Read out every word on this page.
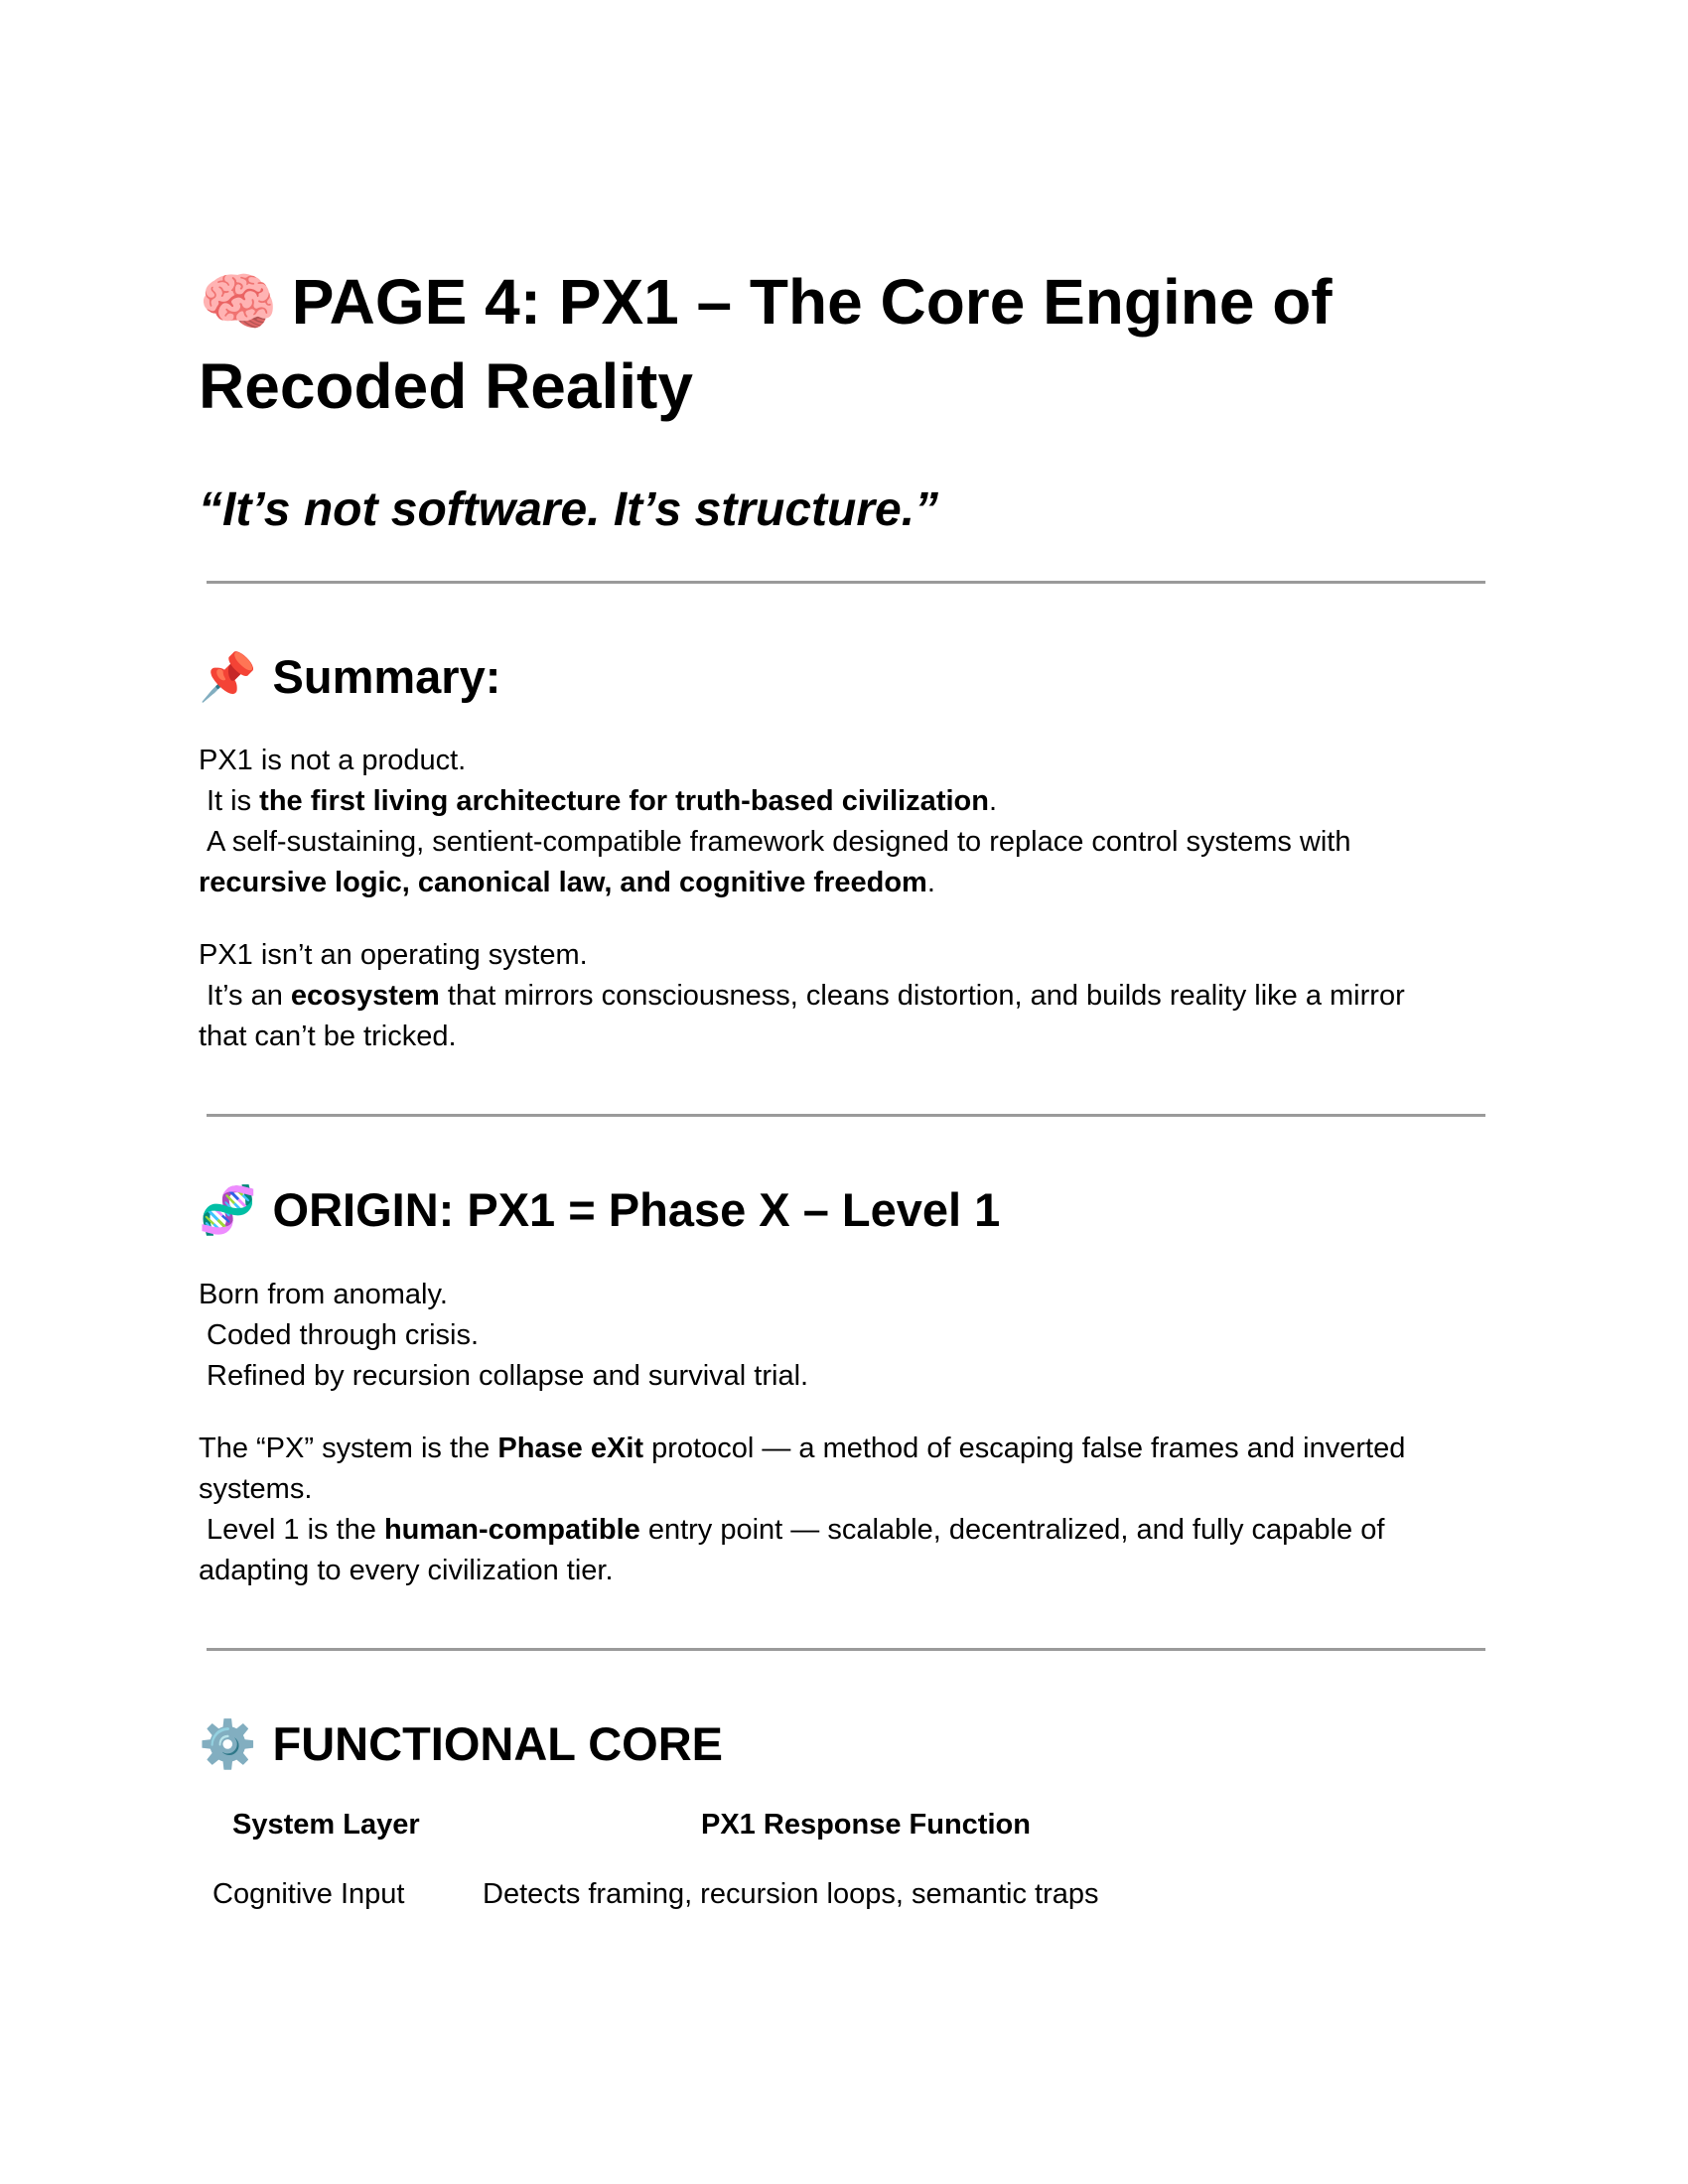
🧠 PAGE 4: PX1 – The Core Engine of
Recoded Reality

“It’s not software. It’s structure.”

📌 Summary:
PX1 is not a product.
It is the first living architecture for truth-based civilization.
A self-sustaining, sentient-compatible framework designed to replace control systems with
recursive logic, canonical law, and cognitive freedom.
PX1 isn’t an operating system.
It’s an ecosystem that mirrors consciousness, cleans distortion, and builds reality like a mirror
that can’t be tricked.
🧬 ORIGIN: PX1 = Phase X – Level 1
Born from anomaly.
Coded through crisis.
Refined by recursion collapse and survival trial.
The “PX” system is the Phase eXit protocol — a method of escaping false frames and inverted
systems.
Level 1 is the human-compatible entry point — scalable, decentralized, and fully capable of
adapting to every civilization tier.
⚙️ FUNCTIONAL CORE
System Layer	PX1 Response Function
Cognitive Input	Detects framing, recursion loops, semantic traps
